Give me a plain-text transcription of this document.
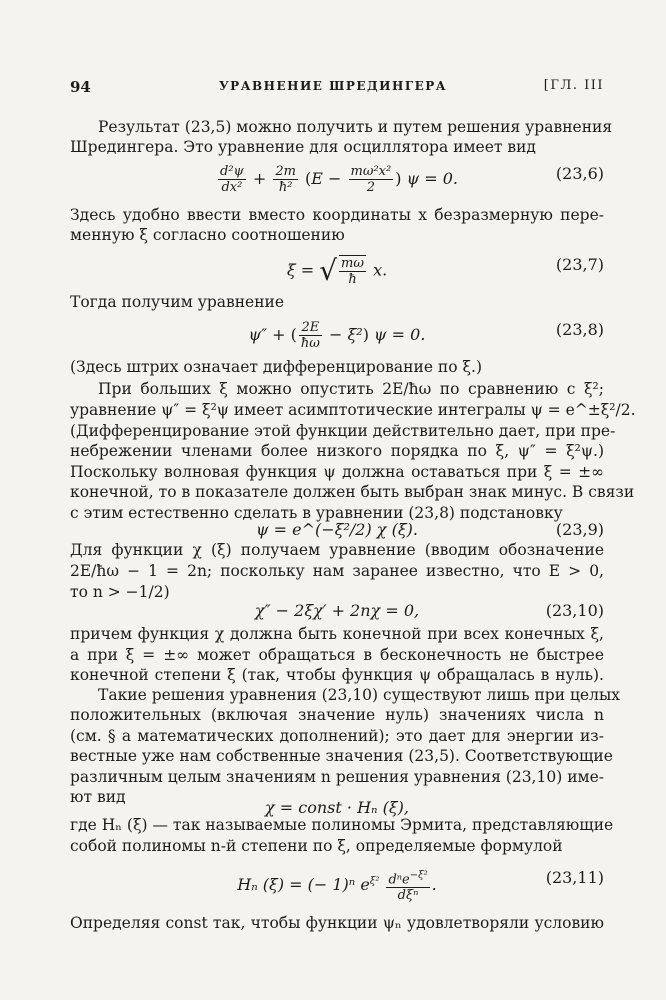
94	УРАВНЕНИЕ ШРЕДИНГЕРА	[ГЛ. III
Результат (23,5) можно получить и путем решения уравнения
Шредингера. Это уравнение для осциллятора имеет вид
$\frac{\text{d²ψ}}{\text{dx²}} + \frac{2m}{\text{ħ²}} (E - \frac{\text{mω²x²}}{2}$ ) ψ = 0.	(23,6)
Здесь удобно ввести вместо координаты x безразмерную пере-
менную ξ согласно соотношению
ξ = √ $\frac{m\omega}{ħ} x$.	(23,7)
Тогда получим уравнение
ψ″ + ( $\frac{2E}{ħ\omega} - \xi^2$) ψ = 0.	(23,8)
(Здесь штрих означает дифференцирование по ξ.)
При больших ξ можно опустить 2E/ħω по сравнению с ξ²;
уравнение ψ″ = ξ²ψ имеет асимптотические интегралы ψ = e^±ξ²/2.
(Дифференцирование этой функции действительно дает, при пре-
небрежении членами более низкого порядка по ξ, ψ″ = ξ²ψ.)
Поскольку волновая функция ψ должна оставаться при ξ = ±∞
конечной, то в показателе должен быть выбран знак минус. В связи
с этим естественно сделать в уравнении (23,8) подстановку
ψ = e^(−ξ²/2) χ (ξ).	(23,9)
Для функции χ (ξ) получаем уравнение (вводим обозначение
2E/ħω − 1 = 2n; поскольку нам заранее известно, что E > 0,
то n > −1/2)
χ″ − 2ξχ′ + 2nχ = 0,	(23,10)
причем функция χ должна быть конечной при всех конечных ξ,
а при ξ = ±∞ может обращаться в бесконечность не быстрее
конечной степени ξ (так, чтобы функция ψ обращалась в нуль).
Такие решения уравнения (23,10) существуют лишь при целых
положительных (включая значение нуль) значениях числа n
(см. § а математических дополнений); это дает для энергии из-
вестные уже нам собственные значения (23,5). Соответствующие
различным целым значениям n решения уравнения (23,10) име-
ют вид
χ = const · Hₙ (ξ),
где Hₙ (ξ) — так называемые полиномы Эрмита, представляющие
собой полиномы n-й степени по ξ, определяемые формулой
Hₙ (ξ) = (− 1)ⁿ $e^{\xi^2} \frac{d^ne^{-\xi^2}}{\text{dξⁿ}}$ .	(23,11)
Определяя const так, чтобы функции ψₙ удовлетворяли условию
